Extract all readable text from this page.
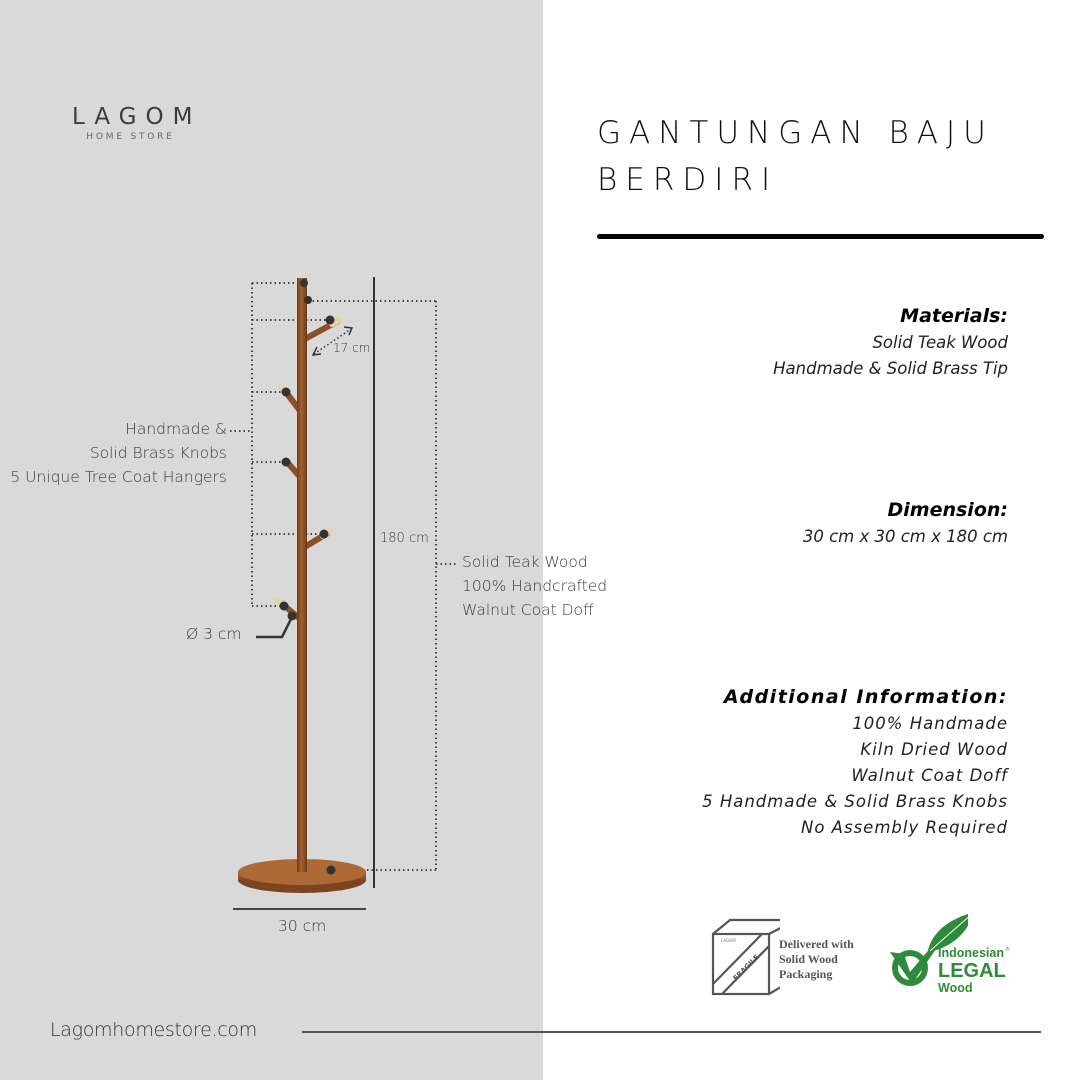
LAGOM
HOME STORE
Handmade &
Solid Brass Knobs
5 Unique Tree Coat Hangers
Solid Teak Wood
100% Handcrafted
Walnut Coat Doff
17 cm
180 cm
Ø 3 cm
30 cm
GANTUNGAN BAJU
BERDIRI
Materials:
Solid Teak Wood
Handmade & Solid Brass Tip
Dimension:
30 cm x 30 cm x 180 cm
Additional Information:
100% Handmade
Kiln Dried Wood
Walnut Coat Doff
5 Handmade & Solid Brass Knobs
No Assembly Required
LAGOM
FRAGILE
Delivered with
Solid Wood
Packaging
Indonesian
LEGAL
Wood
®
Lagomhomestore.com
